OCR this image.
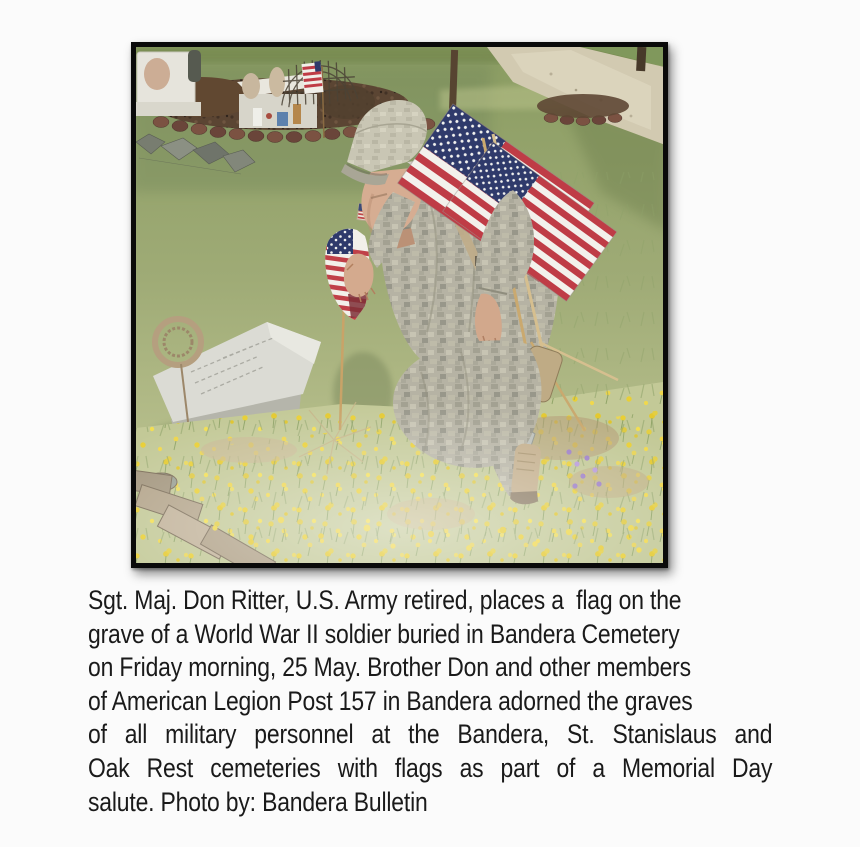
Sgt. Maj. Don Ritter, U.S. Army retired, places a  flag on the
grave of a World War II soldier buried in Bandera Cemetery
on Friday morning, 25 May. Brother Don and other members
of American Legion Post 157 in Bandera adorned the graves
of all military personnel at the Bandera, St. Stanislaus and
Oak Rest cemeteries with flags as part of a Memorial Day
salute. Photo by: Bandera Bulletin
